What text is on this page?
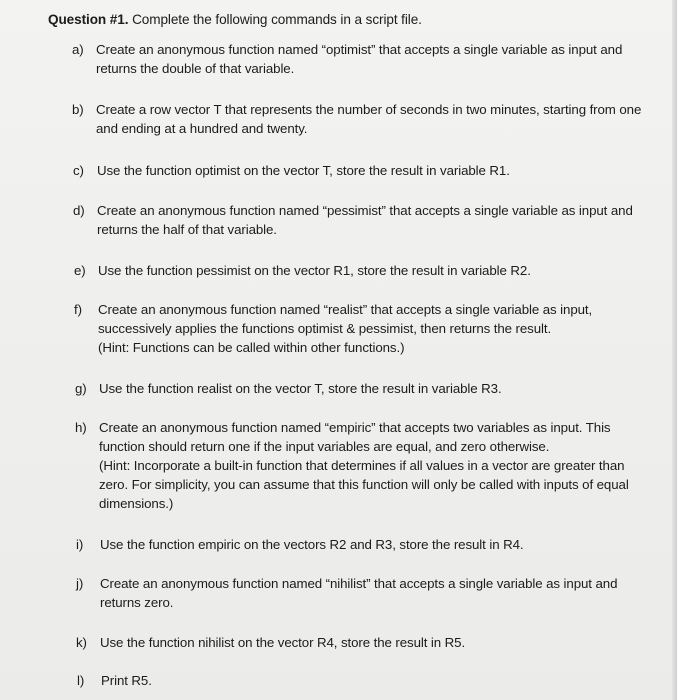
Question #1. Complete the following commands in a script file.
a) Create an anonymous function named “optimist” that accepts a single variable as input and
returns the double of that variable.
b) Create a row vector T that represents the number of seconds in two minutes, starting from one
and ending at a hundred and twenty.
c) Use the function optimist on the vector T, store the result in variable R1.
d) Create an anonymous function named “pessimist” that accepts a single variable as input and
returns the half of that variable.
e) Use the function pessimist on the vector R1, store the result in variable R2.
f) Create an anonymous function named “realist” that accepts a single variable as input,
successively applies the functions optimist & pessimist, then returns the result.
(Hint: Functions can be called within other functions.)
g) Use the function realist on the vector T, store the result in variable R3.
h) Create an anonymous function named “empiric” that accepts two variables as input. This
function should return one if the input variables are equal, and zero otherwise.
(Hint: Incorporate a built-in function that determines if all values in a vector are greater than
zero. For simplicity, you can assume that this function will only be called with inputs of equal
dimensions.)
i) Use the function empiric on the vectors R2 and R3, store the result in R4.
j) Create an anonymous function named “nihilist” that accepts a single variable as input and
returns zero.
k) Use the function nihilist on the vector R4, store the result in R5.
l) Print R5.
